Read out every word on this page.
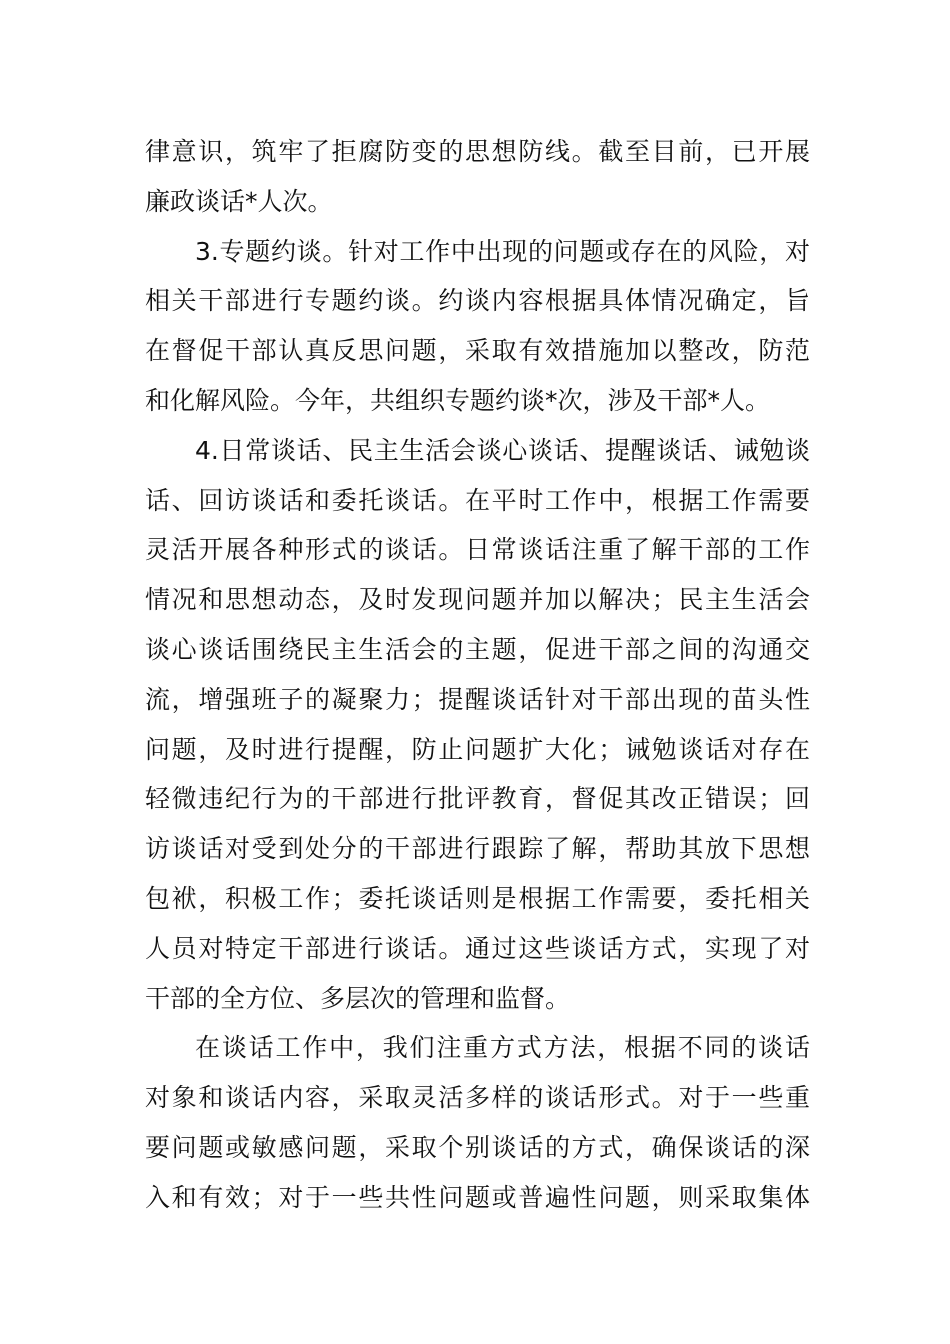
律意识，筑牢了拒腐防变的思想防线。截至目前，已开展
廉政谈话*人次。
3.专题约谈。针对工作中出现的问题或存在的风险，对
相关干部进行专题约谈。约谈内容根据具体情况确定，旨
在督促干部认真反思问题，采取有效措施加以整改，防范
和化解风险。今年，共组织专题约谈*次，涉及干部*人。
4.日常谈话、民主生活会谈心谈话、提醒谈话、诫勉谈
话、回访谈话和委托谈话。在平时工作中，根据工作需要
灵活开展各种形式的谈话。日常谈话注重了解干部的工作
情况和思想动态，及时发现问题并加以解决；民主生活会
谈心谈话围绕民主生活会的主题，促进干部之间的沟通交
流，增强班子的凝聚力；提醒谈话针对干部出现的苗头性
问题，及时进行提醒，防止问题扩大化；诫勉谈话对存在
轻微违纪行为的干部进行批评教育，督促其改正错误；回
访谈话对受到处分的干部进行跟踪了解，帮助其放下思想
包袱，积极工作；委托谈话则是根据工作需要，委托相关
人员对特定干部进行谈话。通过这些谈话方式，实现了对
干部的全方位、多层次的管理和监督。
在谈话工作中，我们注重方式方法，根据不同的谈话
对象和谈话内容，采取灵活多样的谈话形式。对于一些重
要问题或敏感问题，采取个别谈话的方式，确保谈话的深
入和有效；对于一些共性问题或普遍性问题，则采取集体
